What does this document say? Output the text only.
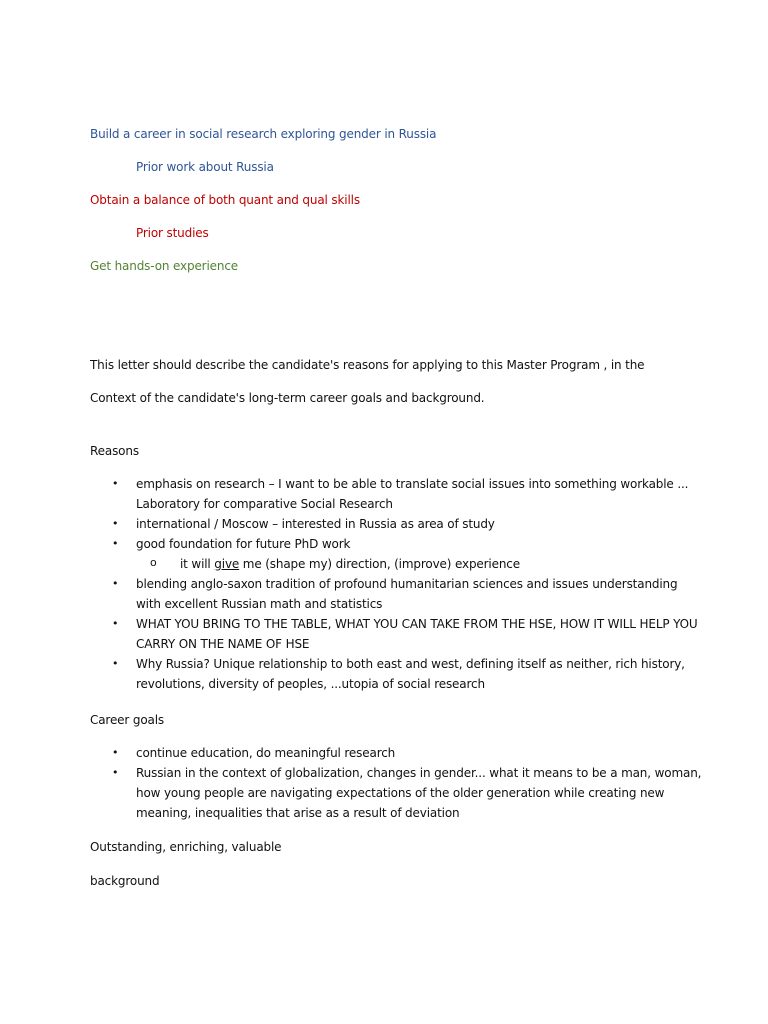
Build a career in social research exploring gender in Russia
Prior work about Russia
Obtain a balance of both quant and qual skills
Prior studies
Get hands-on experience
This letter should describe the candidate's reasons for applying to this Master Program , in the
Context of the candidate's long-term career goals and background.
Reasons
• emphasis on research – I want to be able to translate social issues into something workable ...
Laboratory for comparative Social Research
• international / Moscow – interested in Russia as area of study
• good foundation for future PhD work
o it will give me (shape my) direction, (improve) experience
• blending anglo-saxon tradition of profound humanitarian sciences and issues understanding
with excellent Russian math and statistics
• WHAT YOU BRING TO THE TABLE, WHAT YOU CAN TAKE FROM THE HSE, HOW IT WILL HELP YOU
CARRY ON THE NAME OF HSE
• Why Russia? Unique relationship to both east and west, defining itself as neither, rich history,
revolutions, diversity of peoples, ...utopia of social research
Career goals
• continue education, do meaningful research
• Russian in the context of globalization, changes in gender... what it means to be a man, woman,
how young people are navigating expectations of the older generation while creating new
meaning, inequalities that arise as a result of deviation
Outstanding, enriching, valuable
background
